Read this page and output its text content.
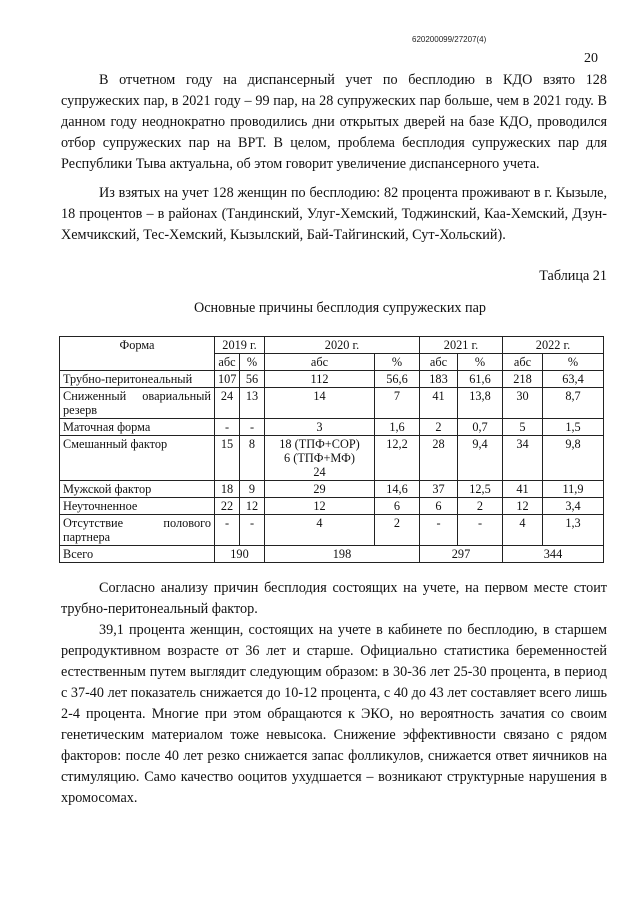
620200099/27207(4)
20

В отчетном году на диспансерный учет по бесплодию в КДО взято 128 супружеских пар, в 2021 году – 99 пар, на 28 супружеских пар больше, чем в 2021 году. В данном году неоднократно проводились дни открытых дверей на базе КДО, проводился отбор супружеских пар на ВРТ. В целом, проблема бесплодия супружеских пар для Республики Тыва актуальна, об этом говорит увеличение диспансерного учета.

Из взятых на учет 128 женщин по бесплодию: 82 процента проживают в г. Кызыле, 18 процентов – в районах (Тандинский, Улуг-Хемский, Тоджинский, Каа-Хемский, Дзун-Хемчикский, Тес-Хемский, Кызылский, Бай-Тайгинский, Сут-Хольский).

Таблица 21
Основные причины бесплодия супружеских пар
Форма	2019 г.		2020 г.		2021 г.		2022 г.	
	абс	%	абс	%	абс	%	абс	%
Трубно-перитонеальный	107	56	112	56,6	183	61,6	218	63,4
Сниженный овариальный резерв	24	13	14	7	41	13,8	30	8,7
Маточная форма	-	-	3	1,6	2	0,7	5	1,5
Смешанный фактор	15	8	18 (ТПФ+СОР)
6 (ТПФ+МФ)
24	12,2	28	9,4	34	9,8
Мужской фактор	18	9	29	14,6	37	12,5	41	11,9
Неуточненное	22	12	12	6	6	2	12	3,4
Отсутствие полового партнера	-	-	4	2	-	-	4	1,3
Всего	190		198		297		344	

Согласно анализу причин бесплодия состоящих на учете, на первом месте стоит трубно-перитонеальный фактор.

39,1 процента женщин, состоящих на учете в кабинете по бесплодию, в старшем репродуктивном возрасте от 36 лет и старше. Официально статистика беременностей естественным путем выглядит следующим образом: в 30-36 лет 25-30 процента, в период с 37-40 лет показатель снижается до 10-12 процента, с 40 до 43 лет составляет всего лишь 2-4 процента. Многие при этом обращаются к ЭКО, но вероятность зачатия со своим генетическим материалом тоже невысока. Снижение эффективности связано с рядом факторов: после 40 лет резко снижается запас фолликулов, снижается ответ яичников на стимуляцию. Само качество ооцитов ухудшается – возникают структурные нарушения в хромосомах.
